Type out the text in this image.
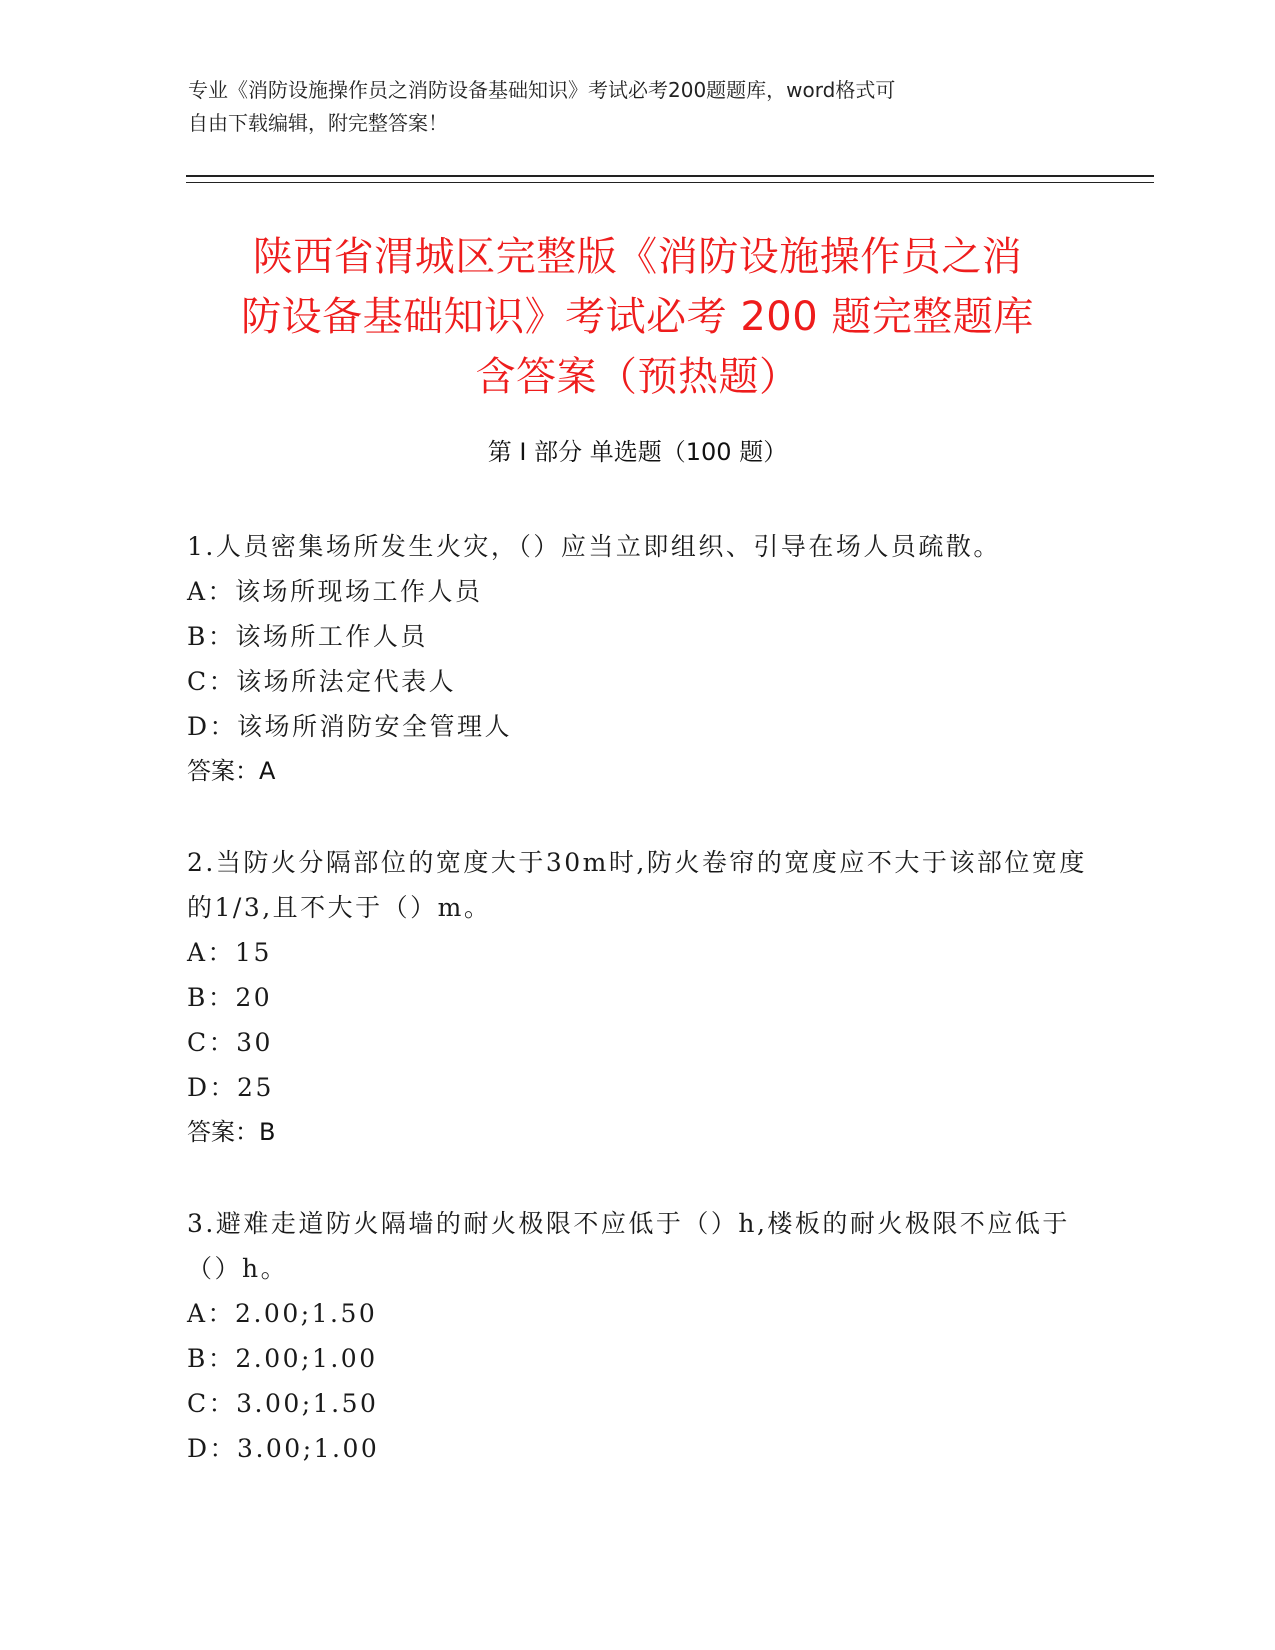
专业《消防设施操作员之消防设备基础知识》考试必考200题题库，word格式可
自由下载编辑，附完整答案！
陕西省渭城区完整版《消防设施操作员之消
防设备基础知识》考试必考 200 题完整题库
含答案（预热题）
第 I 部分 单选题（100 题）

1.人员密集场所发生火灾，（）应当立即组织、引导在场人员疏散。

A：该场所现场工作人员

B：该场所工作人员

C：该场所法定代表人

D：该场所消防安全管理人

答案：A

2.当防火分隔部位的宽度大于30m时,防火卷帘的宽度应不大于该部位宽度的1/3,且不大于（）m。

A：15

B：20

C：30

D：25

答案：B

3.避难走道防火隔墙的耐火极限不应低于（）h,楼板的耐火极限不应低于（）h。

A：2.00;1.50

B：2.00;1.00

C：3.00;1.50

D：3.00;1.00
